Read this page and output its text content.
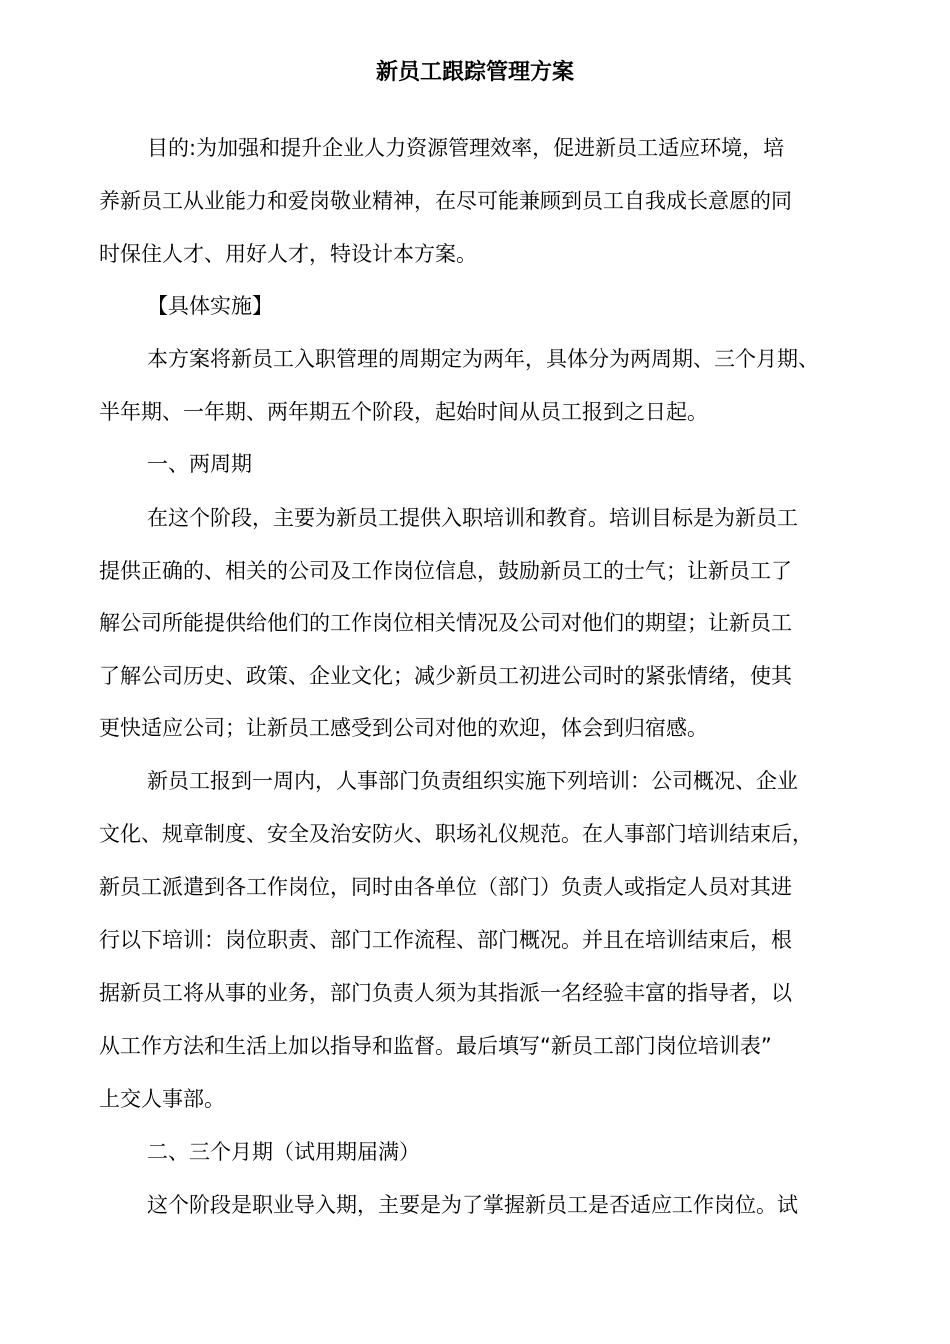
新员工跟踪管理方案
目的:为加强和提升企业人力资源管理效率，促进新员工适应环境，培
养新员工从业能力和爱岗敬业精神，在尽可能兼顾到员工自我成长意愿的同
时保住人才、用好人才，特设计本方案。
【具体实施】
本方案将新员工入职管理的周期定为两年，具体分为两周期、三个月期、
半年期、一年期、两年期五个阶段，起始时间从员工报到之日起。
一、两周期
在这个阶段，主要为新员工提供入职培训和教育。培训目标是为新员工
提供正确的、相关的公司及工作岗位信息，鼓励新员工的士气；让新员工了
解公司所能提供给他们的工作岗位相关情况及公司对他们的期望；让新员工
了解公司历史、政策、企业文化；减少新员工初进公司时的紧张情绪，使其
更快适应公司；让新员工感受到公司对他的欢迎，体会到归宿感。
新员工报到一周内，人事部门负责组织实施下列培训：公司概况、企业
文化、规章制度、安全及治安防火、职场礼仪规范。在人事部门培训结束后，
新员工派遣到各工作岗位，同时由各单位（部门）负责人或指定人员对其进
行以下培训：岗位职责、部门工作流程、部门概况。并且在培训结束后，根
据新员工将从事的业务，部门负责人须为其指派一名经验丰富的指导者，以
从工作方法和生活上加以指导和监督。最后填写“新员工部门岗位培训表”
上交人事部。
二、三个月期（试用期届满）
这个阶段是职业导入期，主要是为了掌握新员工是否适应工作岗位。试
